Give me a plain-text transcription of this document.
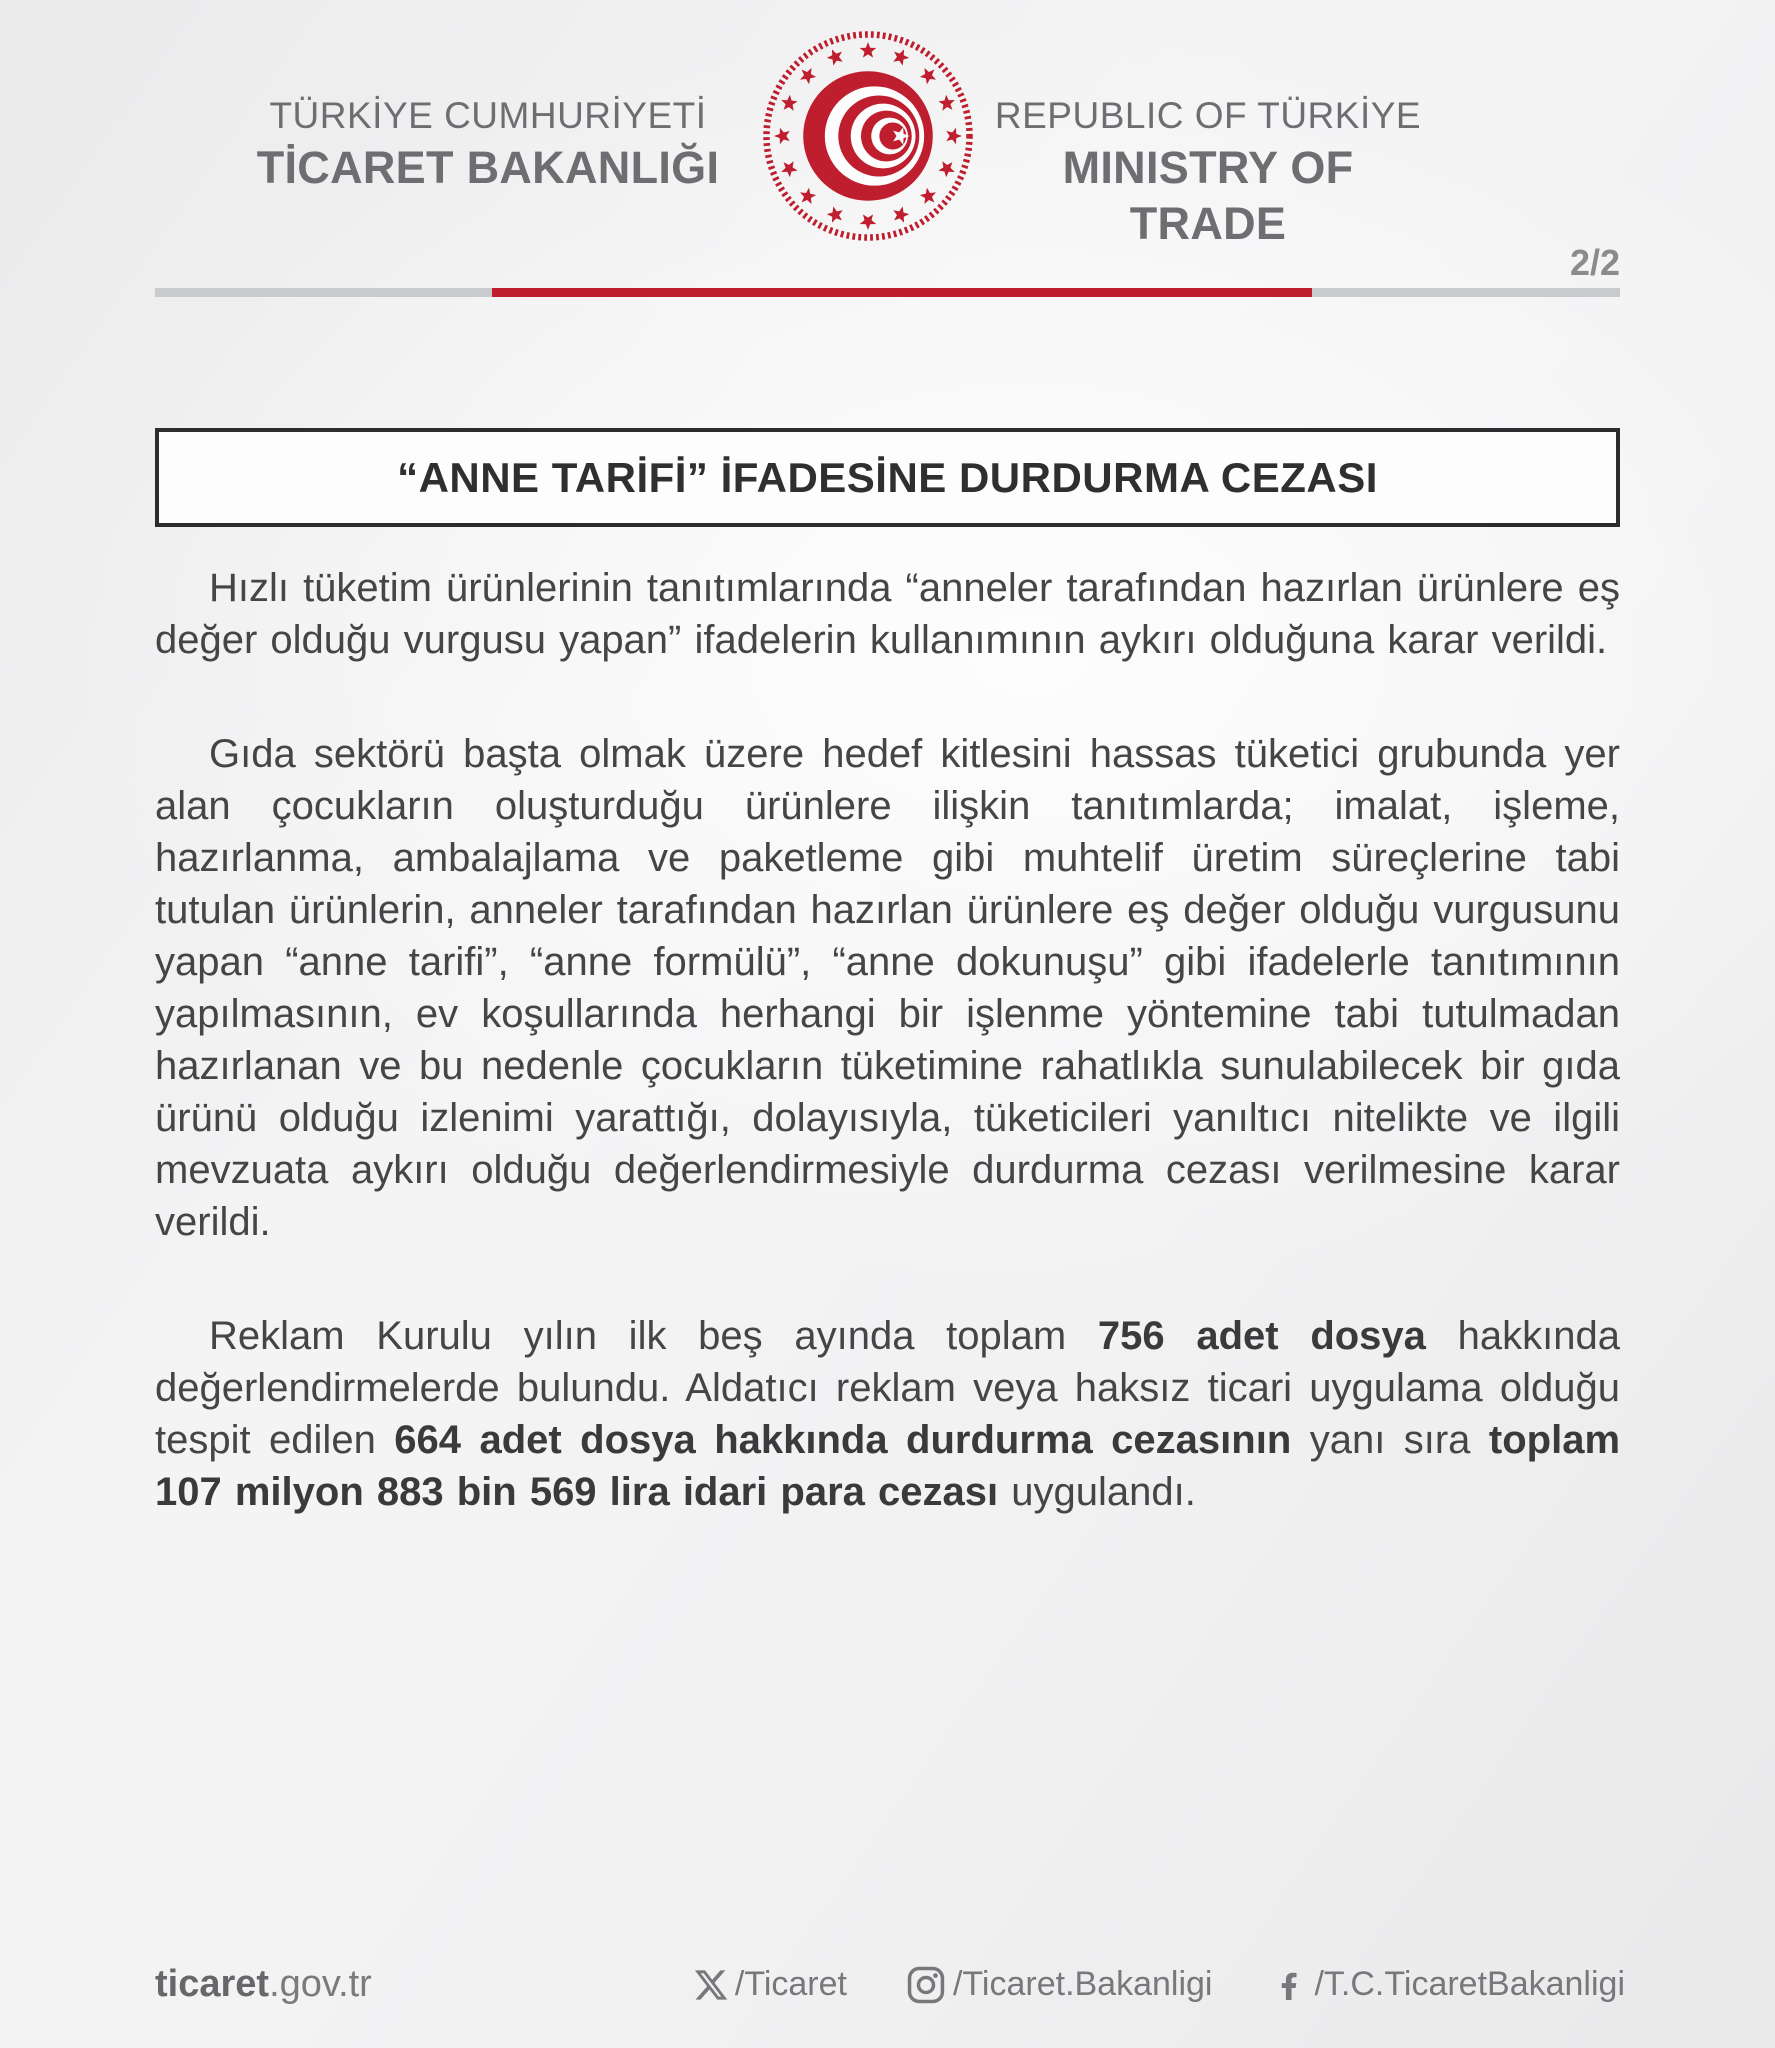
TÜRKİYE CUMHURİYETİ
TİCARET BAKANLIĞI
REPUBLIC OF TÜRKİYE
MINISTRY OF TRADE
2/2
“ANNE TARİFİ” İFADESİNE DURDURMA CEZASI

Hızlı tüketim ürünlerinin tanıtımlarında “anneler tarafından hazırlan ürünlere eş değer olduğu vurgusu yapan” ifadelerin kullanımının aykırı olduğuna karar verildi.

Gıda sektörü başta olmak üzere hedef kitlesini hassas tüketici grubunda yer alan çocukların oluşturduğu ürünlere ilişkin tanıtımlarda; imalat, işleme, hazırlanma, ambalajlama ve paketleme gibi muhtelif üretim süreçlerine tabi tutulan ürünlerin, anneler tarafından hazırlan ürünlere eş değer olduğu vurgusunu yapan “anne tarifi”, “anne formülü”, “anne dokunuşu” gibi ifadelerle tanıtımının yapılmasının, ev koşullarında herhangi bir işlenme yöntemine tabi tutulmadan hazırlanan ve bu nedenle çocukların tüketimine rahatlıkla sunulabilecek bir gıda ürünü olduğu izlenimi yarattığı, dolayısıyla, tüketicileri yanıltıcı nitelikte ve ilgili mevzuata aykırı olduğu değerlendirmesiyle durdurma cezası verilmesine karar verildi.

Reklam Kurulu yılın ilk beş ayında toplam 756 adet dosya hakkında değerlendirmelerde bulundu. Aldatıcı reklam veya haksız ticari uygulama olduğu tespit edilen 664 adet dosya hakkında durdurma cezasının yanı sıra toplam 107 milyon 883 bin 569 lira idari para cezası uygulandı.

ticaret.gov.tr	/Ticaret	/Ticaret.Bakanligi	/T.C.TicaretBakanligi
